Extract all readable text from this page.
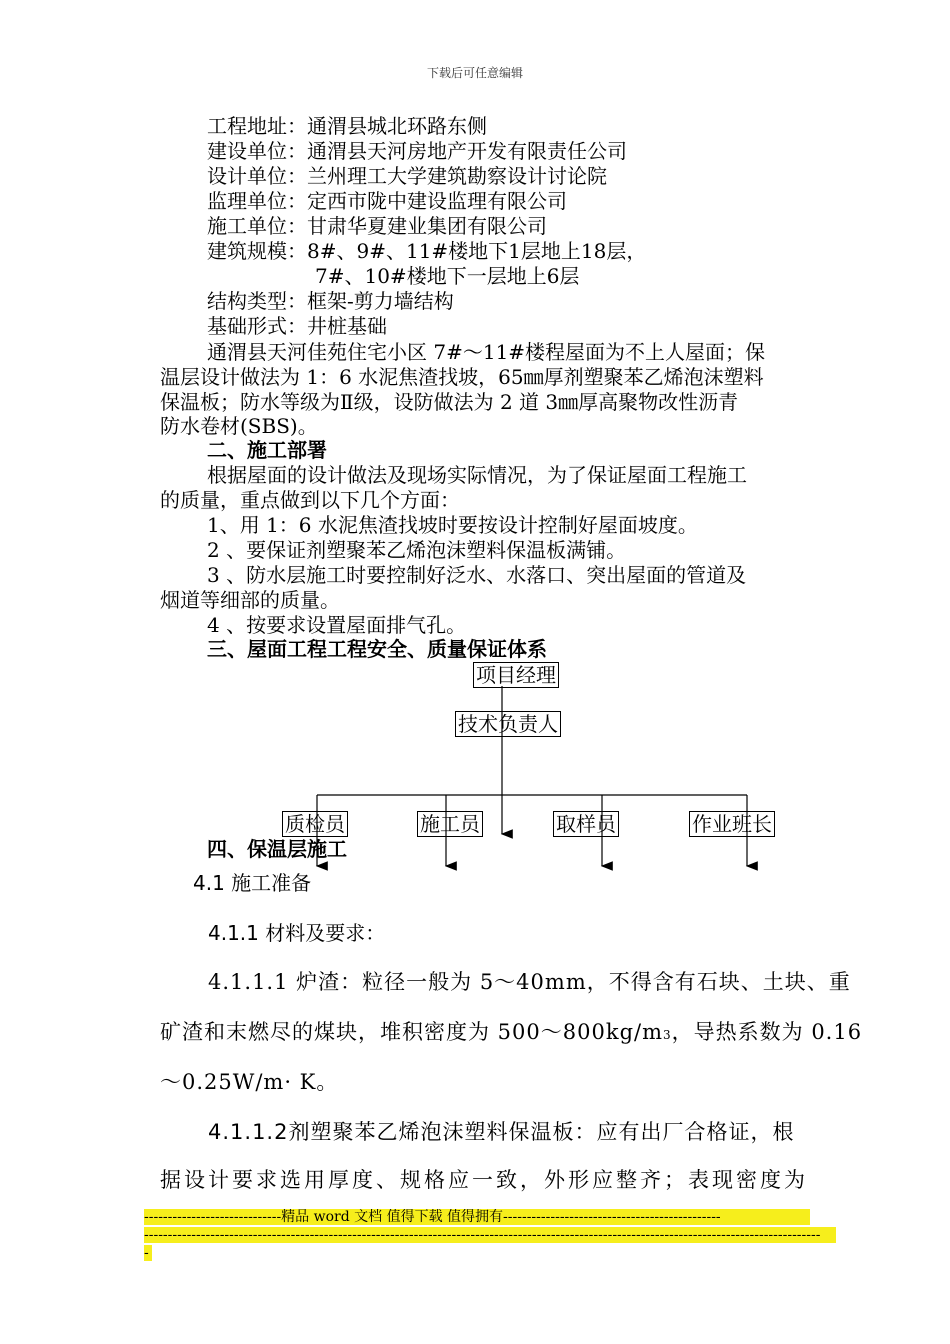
下载后可任意编辑
工程地址：通渭县城北环路东侧
建设单位：通渭县天河房地产开发有限责任公司
设计单位：兰州理工大学建筑勘察设计讨论院
监理单位：定西市陇中建设监理有限公司
施工单位：甘肃华夏建业集团有限公司
建筑规模：8#、9#、11#楼地下1层地上18层，
7#、10#楼地下一层地上6层
结构类型：框架-剪力墙结构
基础形式：井桩基础
通渭县天河佳苑住宅小区 7#～11#楼程屋面为不上人屋面；保
温层设计做法为 1：6 水泥焦渣找坡，65㎜厚剂塑聚苯乙烯泡沫塑料
保温板；防水等级为Ⅱ级，设防做法为 2 道 3㎜厚高聚物改性沥青
防水卷材(SBS)。
二、施工部署
根据屋面的设计做法及现场实际情况，为了保证屋面工程施工
的质量，重点做到以下几个方面：
1、用 1：6 水泥焦渣找坡时要按设计控制好屋面坡度。
2 、要保证剂塑聚苯乙烯泡沫塑料保温板满铺。
3 、防水层施工时要控制好泛水、水落口、突出屋面的管道及
烟道等细部的质量。
4 、按要求设置屋面排气孔。
三、屋面工程工程安全、质量保证体系
项目经理
技术负责人
质检员	施工员	取样员	作业班长
四、保温层施工
4.1 施工准备
4.1.1 材料及要求：
4.1.1.1 炉渣：粒径一般为 5～40mm，不得含有石块、土块、重
矿渣和末燃尽的煤块，堆积密度为 500～800kg/m3，导热系数为 0.16
～0.25W/m· K。
4.1.1.2剂塑聚苯乙烯泡沫塑料保温板：应有出厂合格证，根
据设计要求选用厚度、规格应一致，外形应整齐；表现密度为
-----------------------------精品 word 文档 值得下载 值得拥有----------------------------------------------
-----------------------------------------------------------------------------------------------------------------------------------------------
-
